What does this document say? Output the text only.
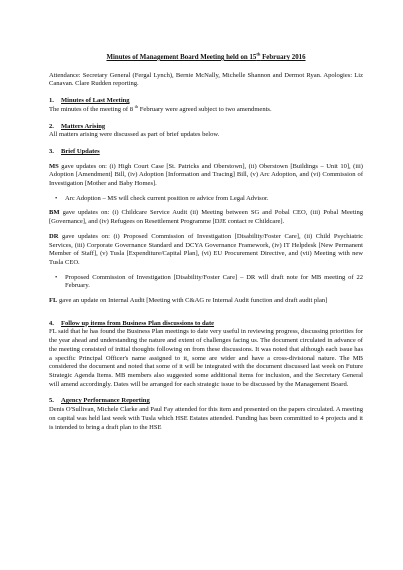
Minutes of Management Board Meeting held on 15th February 2016

Attendance: Secretary General (Fergal Lynch), Bernie McNally, Michelle Shannon and Dermot Ryan. Apologies: Liz Canavan. Clare Rudden reporting.

1.	Minutes of Last Meeting

The minutes of the meeting of 8 $^{th}$ February were agreed subject to two amendments.

2.	Matters Arising

All matters arising were discussed as part of brief updates below.

3.	Brief Updates

MS gave updates on: (i) High Court Case [St. Patricks and Oberstown], (ii) Oberstown [Buildings – Unit 10], (iii) Adoption [Amendment] Bill, (iv) Adoption [Information and Tracing] Bill, (v) Arc Adoption, and (vi) Commission of Investigation [Mother and Baby Homes].

• Arc Adoption – MS will check current position re advice from Legal Advisor.

BM gave updates on: (i) Childcare Service Audit (ii) Meeting between SG and Pobal CEO, (iii) Pobal Meeting [Governance], and (iv) Refugees on Resettlement Programme [DJE contact re Childcare].

DR gave updates on: (i) Proposed Commission of Investigation [Disability/Foster Care], (ii) Child Psychiatric Services, (iii) Corporate Governance Standard and DCYA Governance Framework, (iv) IT Helpdesk [New Permanent Member of Staff], (v) Tusla [Expenditure/Capital Plan], (vi) EU Procurement Directive, and (vii) Meeting with new Tusla CEO.

• Proposed Commission of Investigation [Disability/Foster Care] – DR will draft note for MB meeting of 22 February.

FL gave an update on Internal Audit [Meeting with C&AG re Internal Audit function and draft audit plan]

4.	Follow up items from Business Plan discussions to date

FL said that he has found the Business Plan meetings to date very useful in reviewing progress, discussing priorities for the year ahead and understanding the nature and extent of challenges facing us. The document circulated in advance of the meeting consisted of initial thoughts following on from these discussions. It was noted that although each issue has a specific Principal Officer's name assigned to it, some are wider and have a cross-divisional nature. The MB considered the document and noted that some of it will be integrated with the document discussed last week on Future Strategic Agenda Items. MB members also suggested some additional items for inclusion, and the Secretary General will amend accordingly. Dates will be arranged for each strategic issue to be discussed by the Management Board.

5.	Agency Performance Reporting

Denis O'Sullivan, Michele Clarke and Paul Fay attended for this item and presented on the papers circulated. A meeting on capital was held last week with Tusla which HSE Estates attended. Funding has been committed to 4 projects and it is intended to bring a draft plan to the HSE
